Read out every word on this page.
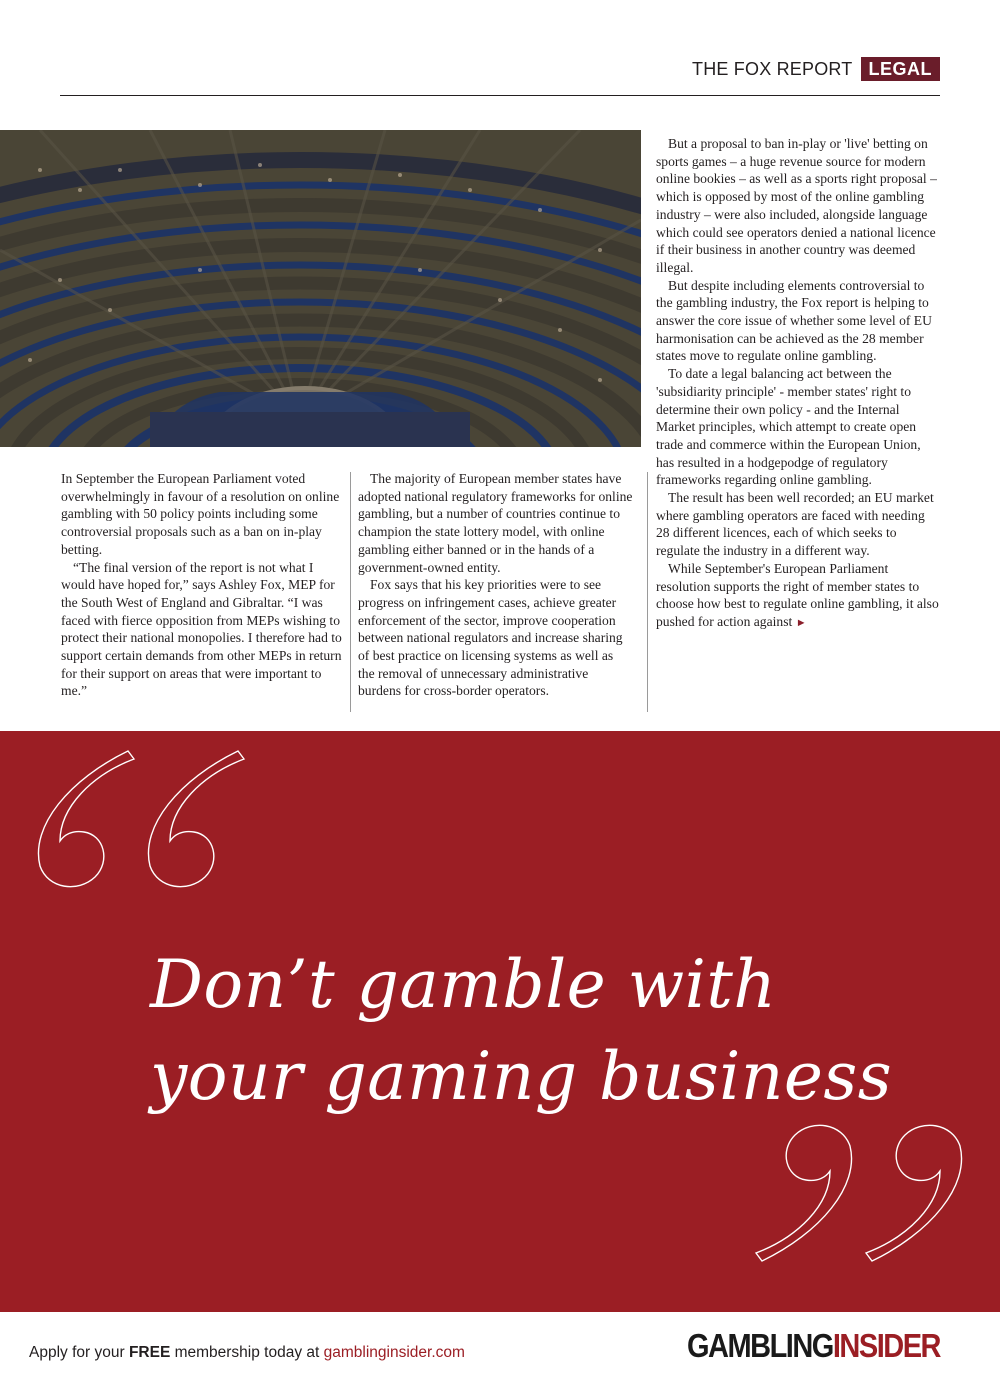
THE FOX REPORT LEGAL

In September the European Parliament voted overwhelmingly in favour of a resolution on online gambling with 50 policy points including some controversial proposals such as a ban on in-play betting.

“The final version of the report is not what I would have hoped for,” says Ashley Fox, MEP for the South West of England and Gibraltar. “I was faced with fierce opposition from MEPs wishing to protect their national monopolies. I therefore had to support certain demands from other MEPs in return for their support on areas that were important to me.”

The majority of European member states have adopted national regulatory frameworks for online gambling, but a number of countries continue to champion the state lottery model, with online gambling either banned or in the hands of a government-owned entity.

Fox says that his key priorities were to see progress on infringement cases, achieve greater enforcement of the sector, improve cooperation between national regulators and increase sharing of best practice on licensing systems as well as the removal of unnecessary administrative burdens for cross-border operators.

But a proposal to ban in-play or 'live' betting on sports games – a huge revenue source for modern online bookies – as well as a sports right proposal – which is opposed by most of the online gambling industry – were also included, alongside language which could see operators denied a national licence if their business in another country was deemed illegal.

But despite including elements controversial to the gambling industry, the Fox report is helping to answer the core issue of whether some level of EU harmonisation can be achieved as the 28 member states move to regulate online gambling.

To date a legal balancing act between the 'subsidiarity principle' - member states' right to determine their own policy - and the Internal Market principles, which attempt to create open trade and commerce within the European Union, has resulted in a hodgepodge of regulatory frameworks regarding online gambling.

The result has been well recorded; an EU market where gambling operators are faced with needing 28 different licences, each of which seeks to regulate the industry in a different way.

While September's European Parliament resolution supports the right of member states to choose how best to regulate online gambling, it also pushed for action against ►

Don’t gamble with
your gaming business
Apply for your FREE membership today at gamblinginsider.com	GAMBLINGINSIDER
